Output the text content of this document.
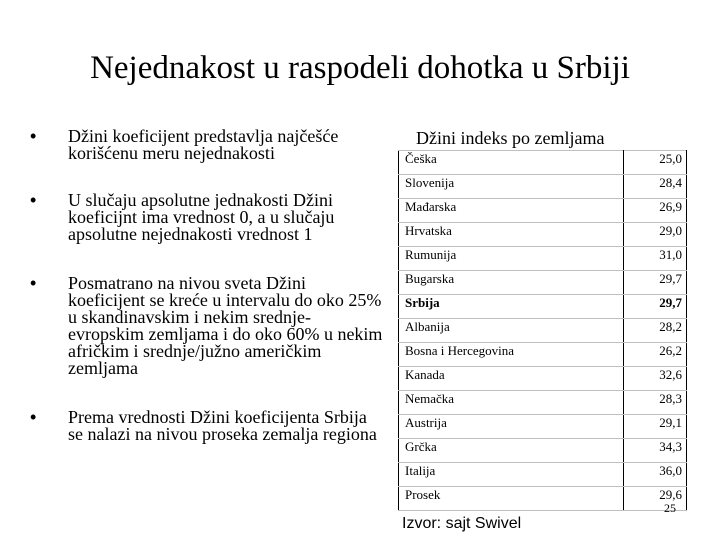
Nejednakost u raspodeli dohotka u Srbiji
• Džini koeficijent predstavlja najčešće korišćenu meru nejednakosti
• U slučaju apsolutne jednakosti Džini koeficijnt ima vrednost 0, a u slučaju apsolutne nejednakosti vrednost 1
• Posmatrano na nivou sveta Džini koeficijent se kreće u intervalu do oko 25% u skandinavskim i nekim srednje-evropskim zemljama i do oko 60% u nekim afričkim i srednje/južno američkim zemljama
• Prema vrednosti Džini koeficijenta Srbija se nalazi na nivou proseka zemalja regiona
Džini indeks po zemljama
Češka	25,0
Slovenija	28,4
Mađarska	26,9
Hrvatska	29,0
Rumunija	31,0
Bugarska	29,7
Srbija	29,7
Albanija	28,2
Bosna i Hercegovina	26,2
Kanada	32,6
Nemačka	28,3
Austrija	29,1
Grčka	34,3
Italija	36,0
Prosek	29,6
Izvor: sajt Swivel
25
